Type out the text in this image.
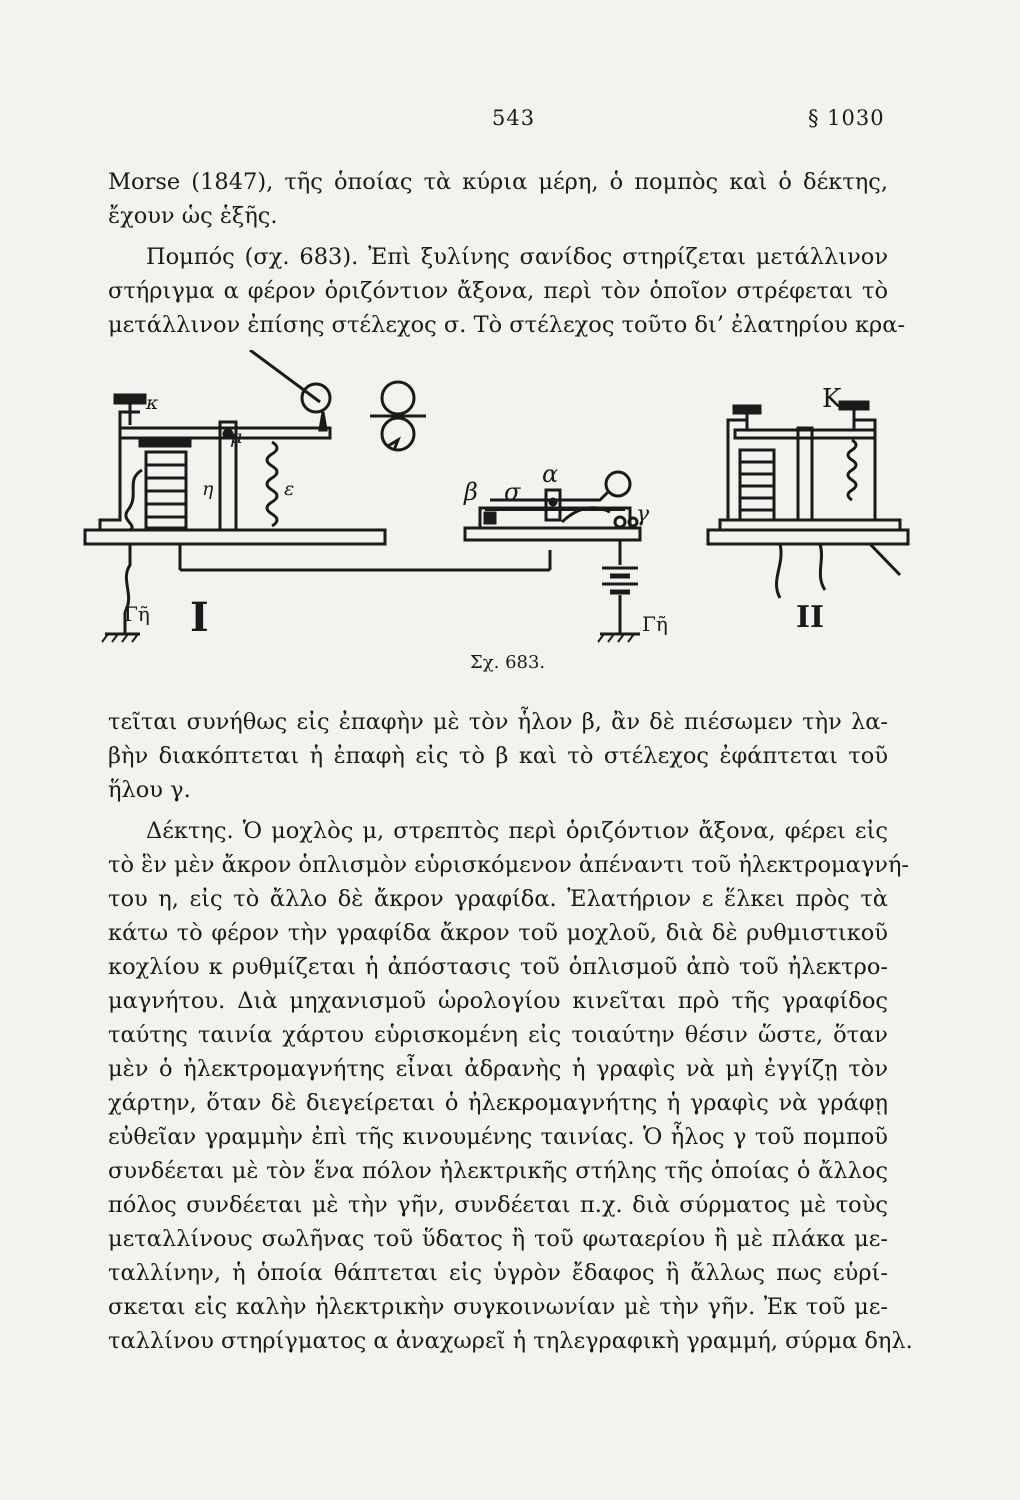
543	§ 1030
Morse (1847), τῆς ὁποίας τὰ κύρια μέρη, ὁ πομπὸς καὶ ὁ δέκτης,
ἔχουν ὡς ἑξῆς.
Πομπός (σχ. 683). Ἐπὶ ξυλίνης σανίδος στηρίζεται μετάλλινον
στήριγμα α φέρον ὁριζόντιον ἄξονα, περὶ τὸν ὁποῖον στρέφεται τὸ
μετάλλινον ἐπίσης στέλεχος σ. Τὸ στέλεχος τοῦτο δι’ ἐλατηρίου κρα-
κ
μ
η	ε	β σ
α
γ
K
Γῆ	Γῆ
I	II
Σχ. 683.
τεῖται συνήθως εἰς ἐπαφὴν μὲ τὸν ἧλον β, ἂν δὲ πιέσωμεν τὴν λα-
βὴν διακόπτεται ἡ ἐπαφὴ εἰς τὸ β καὶ τὸ στέλεχος ἐφάπτεται τοῦ
ἥλου γ.
Δέκτης. Ὁ μοχλὸς μ, στρεπτὸς περὶ ὁριζόντιον ἄξονα, φέρει εἰς
τὸ ἓν μὲν ἄκρον ὁπλισμὸν εὑρισκόμενον ἀπέναντι τοῦ ἠλεκτρομαγνή-
του η, εἰς τὸ ἄλλο δὲ ἄκρον γραφίδα. Ἐλατήριον ε ἕλκει πρὸς τὰ
κάτω τὸ φέρον τὴν γραφίδα ἄκρον τοῦ μοχλοῦ, διὰ δὲ ρυθμιστικοῦ
κοχλίου κ ρυθμίζεται ἡ ἀπόστασις τοῦ ὁπλισμοῦ ἀπὸ τοῦ ἠλεκτρο-
μαγνήτου. Διὰ μηχανισμοῦ ὡρολογίου κινεῖται πρὸ τῆς γραφίδος
ταύτης ταινία χάρτου εὑρισκομένη εἰς τοιαύτην θέσιν ὥστε, ὅταν
μὲν ὁ ἠλεκτρομαγνήτης εἶναι ἀδρανὴς ἡ γραφὶς νὰ μὴ ἐγγίζῃ τὸν
χάρτην, ὅταν δὲ διεγείρεται ὁ ἠλεκρομαγνήτης ἡ γραφὶς νὰ γράφῃ
εὐθεῖαν γραμμὴν ἐπὶ τῆς κινουμένης ταινίας. Ὁ ἧλος γ τοῦ πομποῦ
συνδέεται μὲ τὸν ἕνα πόλον ἠλεκτρικῆς στήλης τῆς ὁποίας ὁ ἄλλος
πόλος συνδέεται μὲ τὴν γῆν, συνδέεται π.χ. διὰ σύρματος μὲ τοὺς
μεταλλίνους σωλῆνας τοῦ ὕδατος ἢ τοῦ φωταερίου ἢ μὲ πλάκα με-
ταλλίνην, ἡ ὁποία θάπτεται εἰς ὑγρὸν ἔδαφος ἢ ἄλλως πως εὑρί-
σκεται εἰς καλὴν ἠλεκτρικὴν συγκοινωνίαν μὲ τὴν γῆν. Ἐκ τοῦ με-
ταλλίνου στηρίγματος α ἀναχωρεῖ ἡ τηλεγραφικὴ γραμμή, σύρμα δηλ.
